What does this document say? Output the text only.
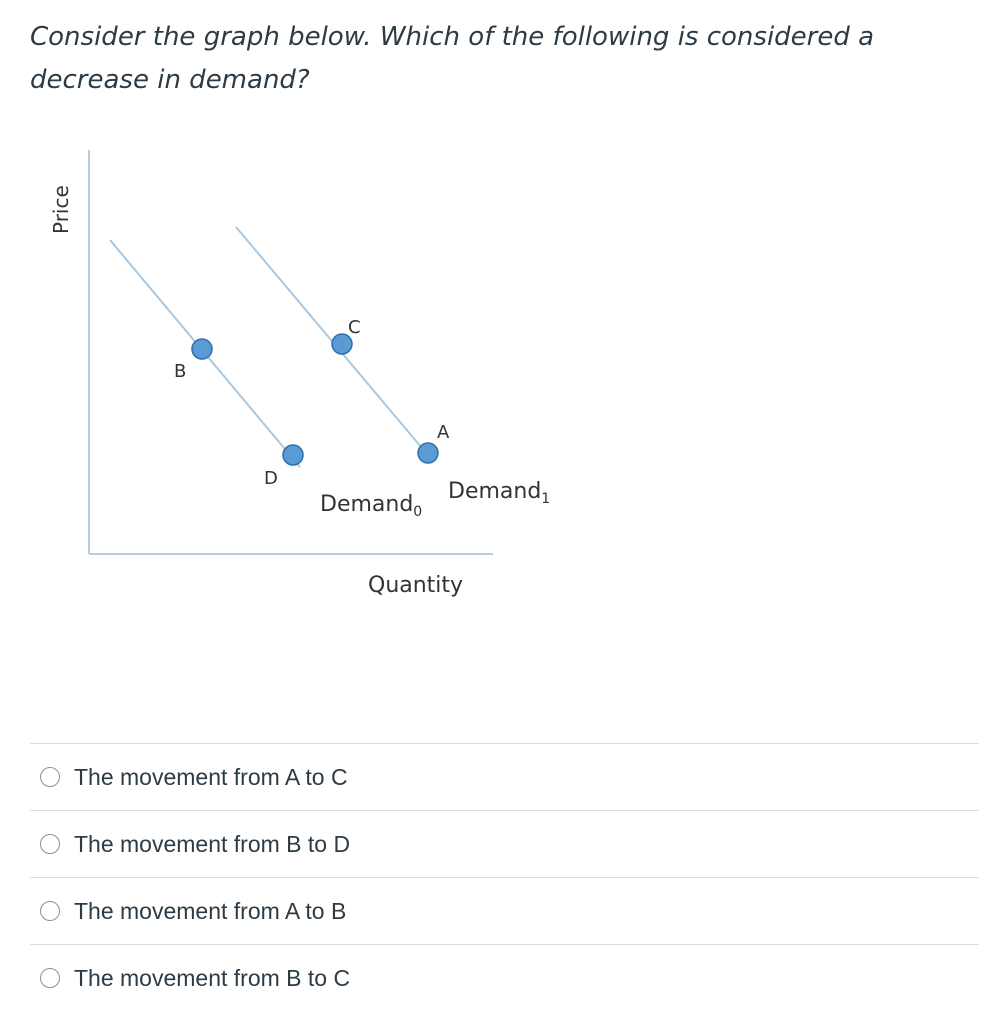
Consider the graph below. Which of the following is considered a decrease in demand?

B
D
C
A
Demand$_0$
Demand$_1$
Quantity
Price
The movement from A to C
The movement from B to D
The movement from A to B
The movement from B to C
